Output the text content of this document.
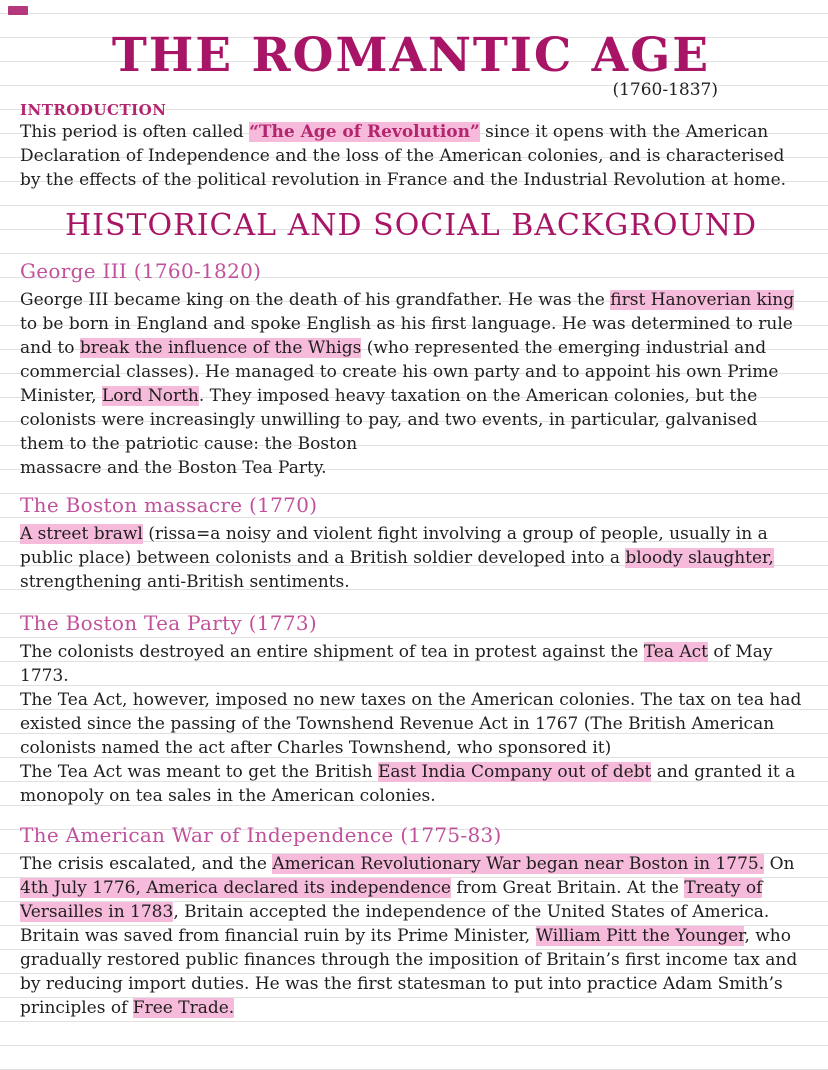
THE ROMANTIC AGE
(1760-1837)
INTRODUCTION

This period is often called “The Age of Revolution” since it opens with the American Declaration of Independence and the loss of the American colonies, and is characterised by the effects of the political revolution in France and the Industrial Revolution at home.

HISTORICAL AND SOCIAL BACKGROUND
George III (1760-1820)

George III became king on the death of his grandfather. He was the first Hanoverian king to be born in England and spoke English as his first language. He was determined to rule and to break the influence of the Whigs (who represented the emerging industrial and commercial classes). He managed to create his own party and to appoint his own Prime Minister, Lord North. They imposed heavy taxation on the American colonies, but the colonists were increasingly unwilling to pay, and two events, in particular, galvanised them to the patriotic cause: the Boston

massacre and the Boston Tea Party.

The Boston massacre (1770)

A street brawl (rissa=a noisy and violent fight involving a group of people, usually in a public place) between colonists and a British soldier developed into a bloody slaughter, strengthening anti-British sentiments.

The Boston Tea Party (1773)

The colonists destroyed an entire shipment of tea in protest against the Tea Act of May 1773.

The Tea Act, however, imposed no new taxes on the American colonies. The tax on tea had existed since the passing of the Townshend Revenue Act in 1767 (The British American colonists named the act after Charles Townshend, who sponsored it)

The Tea Act was meant to get the British East India Company out of debt and granted it a monopoly on tea sales in the American colonies.

The American War of Independence (1775-83)

The crisis escalated, and the American Revolutionary War began near Boston in 1775. On 4th July 1776, America declared its independence from Great Britain. At the Treaty of Versailles in 1783, Britain accepted the independence of the United States of America. Britain was saved from financial ruin by its Prime Minister, William Pitt the Younger, who gradually restored public finances through the imposition of Britain’s first income tax and by reducing import duties. He was the first statesman to put into practice Adam Smith’s principles of Free Trade.
